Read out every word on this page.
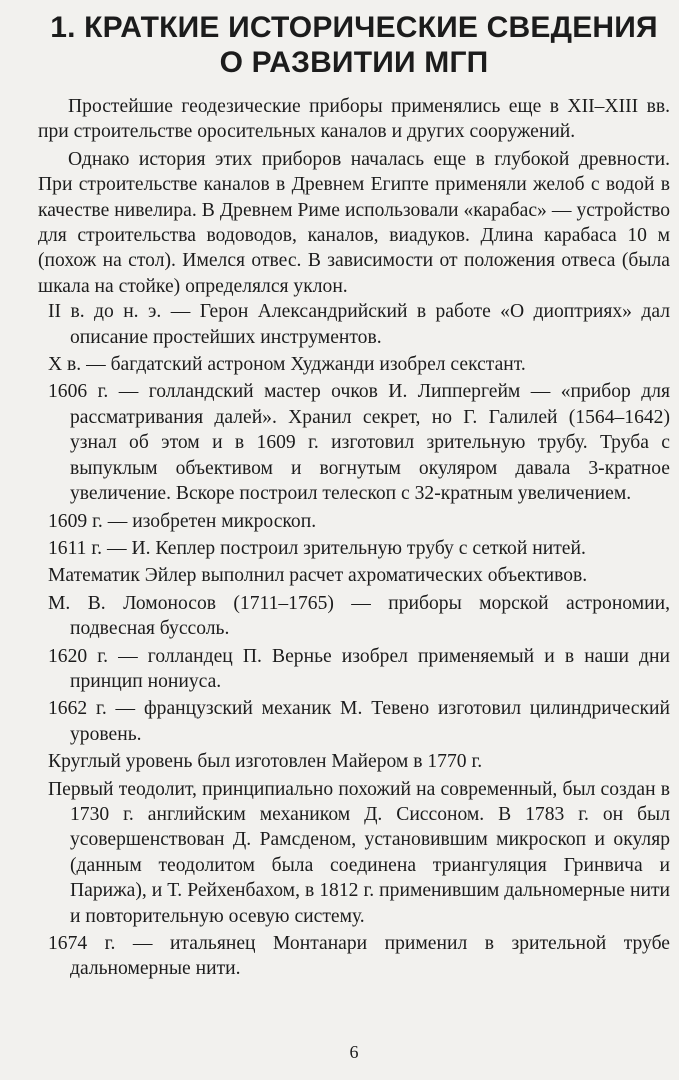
1. КРАТКИЕ ИСТОРИЧЕСКИЕ СВЕДЕНИЯ
О РАЗВИТИИ МГП

Простейшие геодезические приборы применялись еще в XII–XIII вв. при строительстве оросительных каналов и других сооружений.

Однако история этих приборов началась еще в глубокой древности. При строительстве каналов в Древнем Египте применяли желоб с водой в качестве нивелира. В Древнем Риме использовали «карабас» — устройство для строительства водоводов, каналов, виадуков. Длина карабаса 10 м (похож на стол). Имелся отвес. В зависимости от положения отвеса (была шкала на стойке) определялся уклон.

II в. до н. э. — Герон Александрийский в работе «О диоптриях» дал описание простейших инструментов.

X в. — багдатский астроном Худжанди изобрел секстант.

1606 г. — голландский мастер очков И. Липпергейм — «прибор для рассматривания далей». Хранил секрет, но Г. Галилей (1564–1642) узнал об этом и в 1609 г. изготовил зрительную трубу. Труба с выпуклым объективом и вогнутым окуляром давала 3-кратное увеличение. Вскоре построил телескоп с 32-кратным увеличением.

1609 г. — изобретен микроскоп.

1611 г. — И. Кеплер построил зрительную трубу с сеткой нитей.

Математик Эйлер выполнил расчет ахроматических объективов.

М. В. Ломоносов (1711–1765) — приборы морской астрономии, подвесная буссоль.

1620 г. — голландец П. Вернье изобрел применяемый и в наши дни принцип нониуса.

1662 г. — французский механик М. Тевено изготовил цилиндрический уровень.

Круглый уровень был изготовлен Майером в 1770 г.

Первый теодолит, принципиально похожий на современный, был создан в 1730 г. английским механиком Д. Сиссоном. В 1783 г. он был усовершенствован Д. Рамсденом, установившим микроскоп и окуляр (данным теодолитом была соединена триангуляция Гринвича и Парижа), и Т. Рейхенбахом, в 1812 г. применившим дальномерные нити и повторительную осевую систему.

1674 г. — итальянец Монтанари применил в зрительной трубе дальномерные нити.

6
